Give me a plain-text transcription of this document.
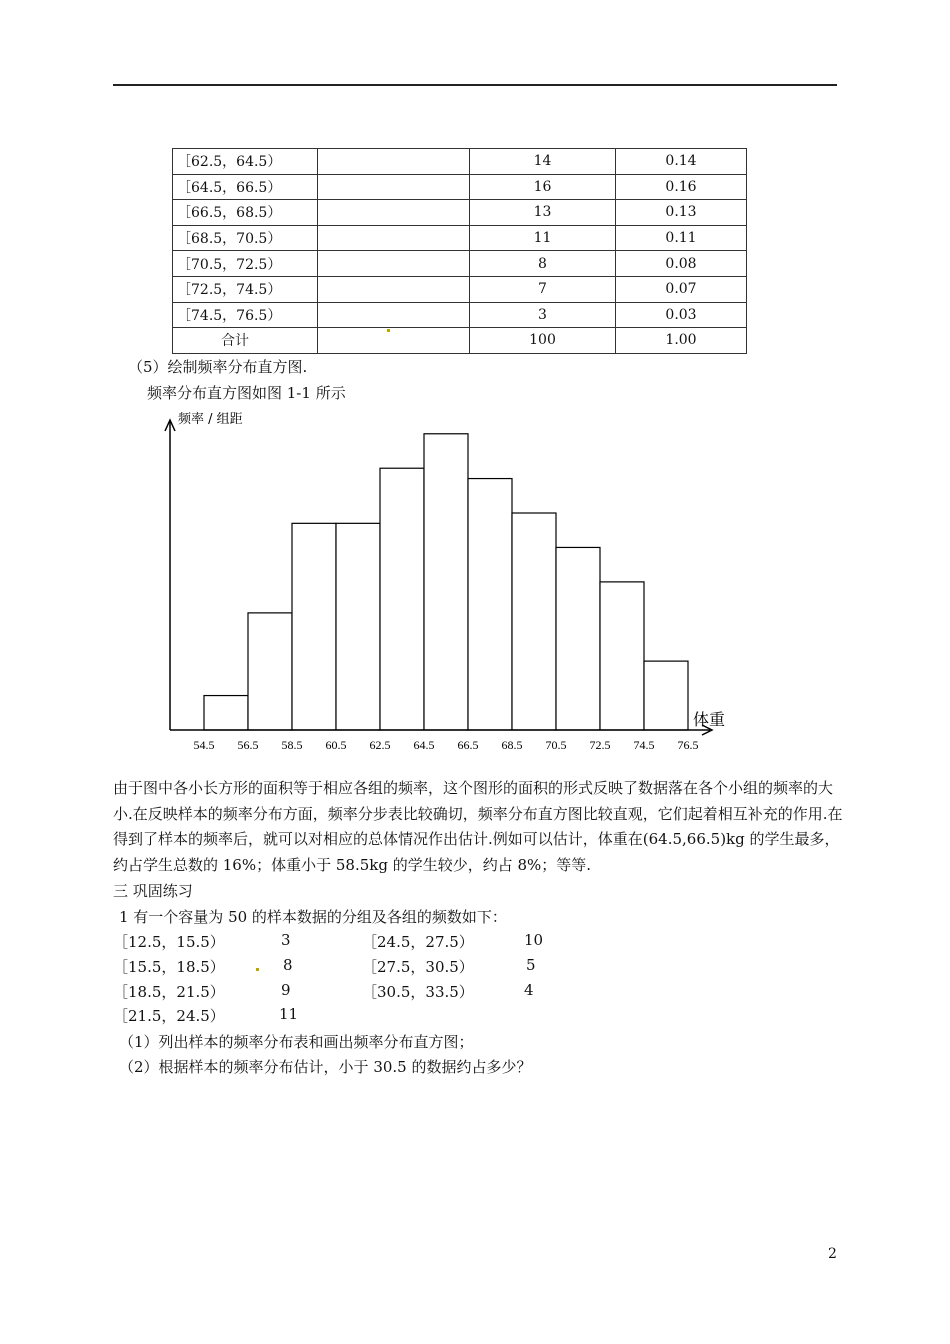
［62.5，64.5）		14	0.14
［64.5，66.5）		16	0.16
［66.5，68.5）		13	0.13
［68.5，70.5）		11	0.11
［70.5，72.5）		8	0.08
［72.5，74.5）		7	0.07
［74.5，76.5）		3	0.03
合计		100	1.00
（5）绘制频率分布直方图.
频率分布直方图如图 1-1 所示
频率 / 组距
体重
54.5 56.5 58.5 60.5 62.5 64.5 66.5 68.5 70.5 72.5 74.5 76.5
由于图中各小长方形的面积等于相应各组的频率，这个图形的面积的形式反映了数据落在各个小组的频率的大小.在反映样本的频率分布方面，频率分步表比较确切，频率分布直方图比较直观，它们起着相互补充的作用.在得到了样本的频率后，就可以对相应的总体情况作出估计.例如可以估计，体重在(64.5,66.5)kg 的学生最多，约占学生总数的 16%；体重小于 58.5kg 的学生较少，约占 8%；等等.
三 巩固练习
1 有一个容量为 50 的样本数据的分组及各组的频数如下：
［12.5，15.5）	3	［24.5，27.5）	10
［15.5，18.5）	8	［27.5，30.5）	5
［18.5，21.5）	9	［30.5，33.5）	4
［21.5，24.5）	11
（1）列出样本的频率分布表和画出频率分布直方图；
（2）根据样本的频率分布估计，小于 30.5 的数据约占多少？
2
